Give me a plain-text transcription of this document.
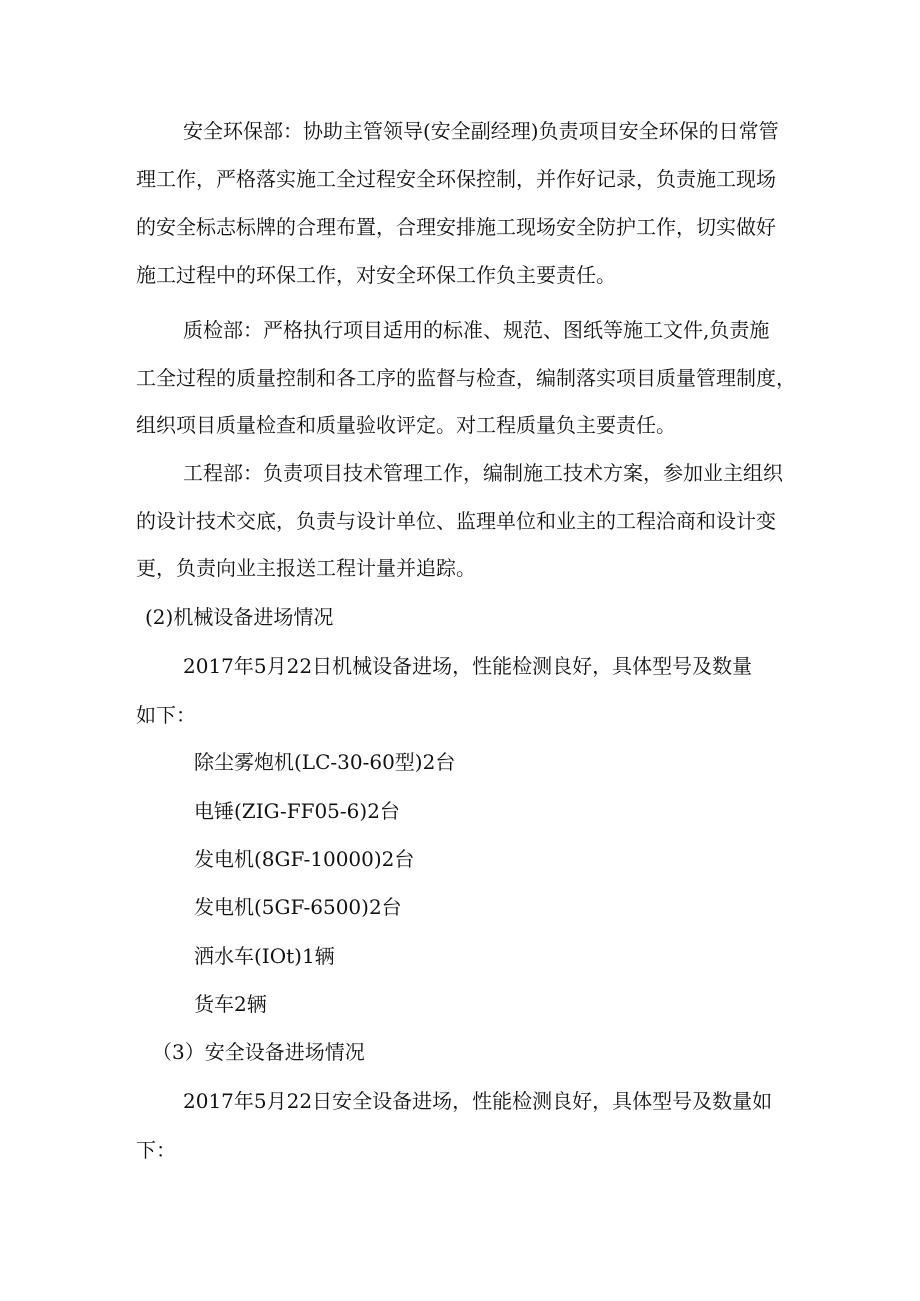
安全环保部：协助主管领导(安全副经理)负责项目安全环保的日常管
理工作，严格落实施工全过程安全环保控制，并作好记录，负责施工现场
的安全标志标牌的合理布置，合理安排施工现场安全防护工作，切实做好
施工过程中的环保工作，对安全环保工作负主要责任。
质检部：严格执行项目适用的标准、规范、图纸等施工文件,负责施
工全过程的质量控制和各工序的监督与检查，编制落实项目质量管理制度，
组织项目质量检查和质量验收评定。对工程质量负主要责任。
工程部：负责项目技术管理工作，编制施工技术方案，参加业主组织
的设计技术交底，负责与设计单位、监理单位和业主的工程洽商和设计变
更，负责向业主报送工程计量并追踪。
(2)机械设备进场情况
2017年5月22日机械设备进场，性能检测良好，具体型号及数量
如下：
除尘雾炮机(LC-30-60型)2台
电锤(ZIG-FF05-6)2台
发电机(8GF-10000)2台
发电机(5GF-6500)2台
洒水车(IOt)1辆
货车2辆
（3）安全设备进场情况
2017年5月22日安全设备进场，性能检测良好，具体型号及数量如
下：
